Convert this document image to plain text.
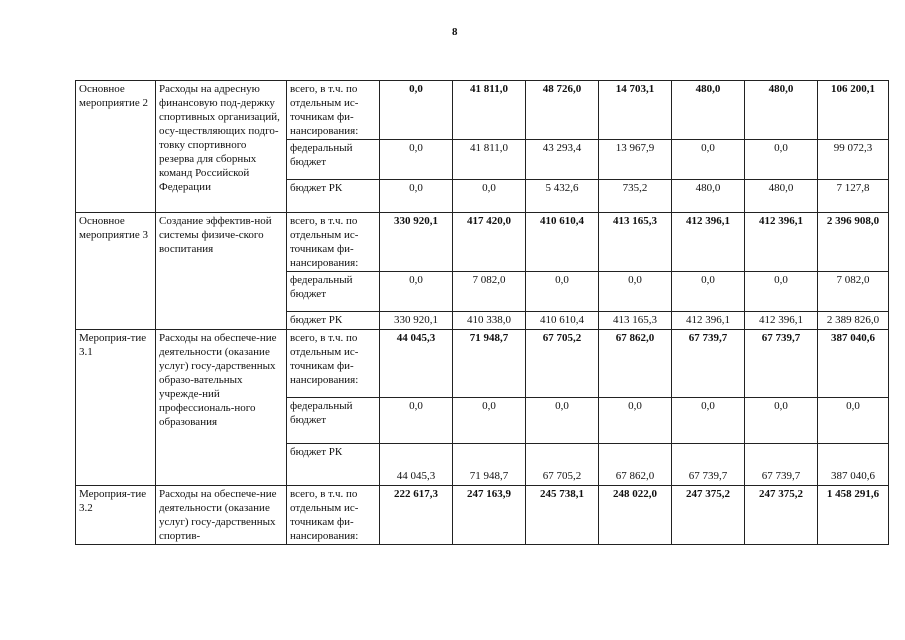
8
Основное мероприятие 2	Расходы на адресную финансовую под-держку спортивных организаций, осу-ществляющих подго-товку спортивного резерва для сборных команд Российской Федерации	всего, в т.ч. по отдельным ис-точникам фи-нансирования:	0,0	41 811,0	48 726,0	14 703,1	480,0	480,0	106 200,1
		федеральный бюджет	0,0	41 811,0	43 293,4	13 967,9	0,0	0,0	99 072,3
		бюджет РК	0,0	0,0	5 432,6	735,2	480,0	480,0	7 127,8
Основное мероприятие 3	Создание эффектив-ной системы физиче-ского воспитания	всего, в т.ч. по отдельным ис-точникам фи-нансирования:	330 920,1	417 420,0	410 610,4	413 165,3	412 396,1	412 396,1	2 396 908,0
		федеральный бюджет	0,0	7 082,0	0,0	0,0	0,0	0,0	7 082,0
		бюджет РК	330 920,1	410 338,0	410 610,4	413 165,3	412 396,1	412 396,1	2 389 826,0
Мероприя-тие 3.1	Расходы на обеспече-ние деятельности (оказание услуг) госу-дарственных образо-вательных учрежде-ний профессиональ-ного образования	всего, в т.ч. по отдельным ис-точникам фи-нансирования:	44 045,3	71 948,7	67 705,2	67 862,0	67 739,7	67 739,7	387 040,6
		федеральный бюджет	0,0	0,0	0,0	0,0	0,0	0,0	0,0
		бюджет РК	44 045,3	71 948,7	67 705,2	67 862,0	67 739,7	67 739,7	387 040,6
Мероприя-тие 3.2	Расходы на обеспече-ние деятельности (оказание услуг) госу-дарственных спортив-	всего, в т.ч. по отдельным ис-точникам фи-нансирования:	222 617,3	247 163,9	245 738,1	248 022,0	247 375,2	247 375,2	1 458 291,6
